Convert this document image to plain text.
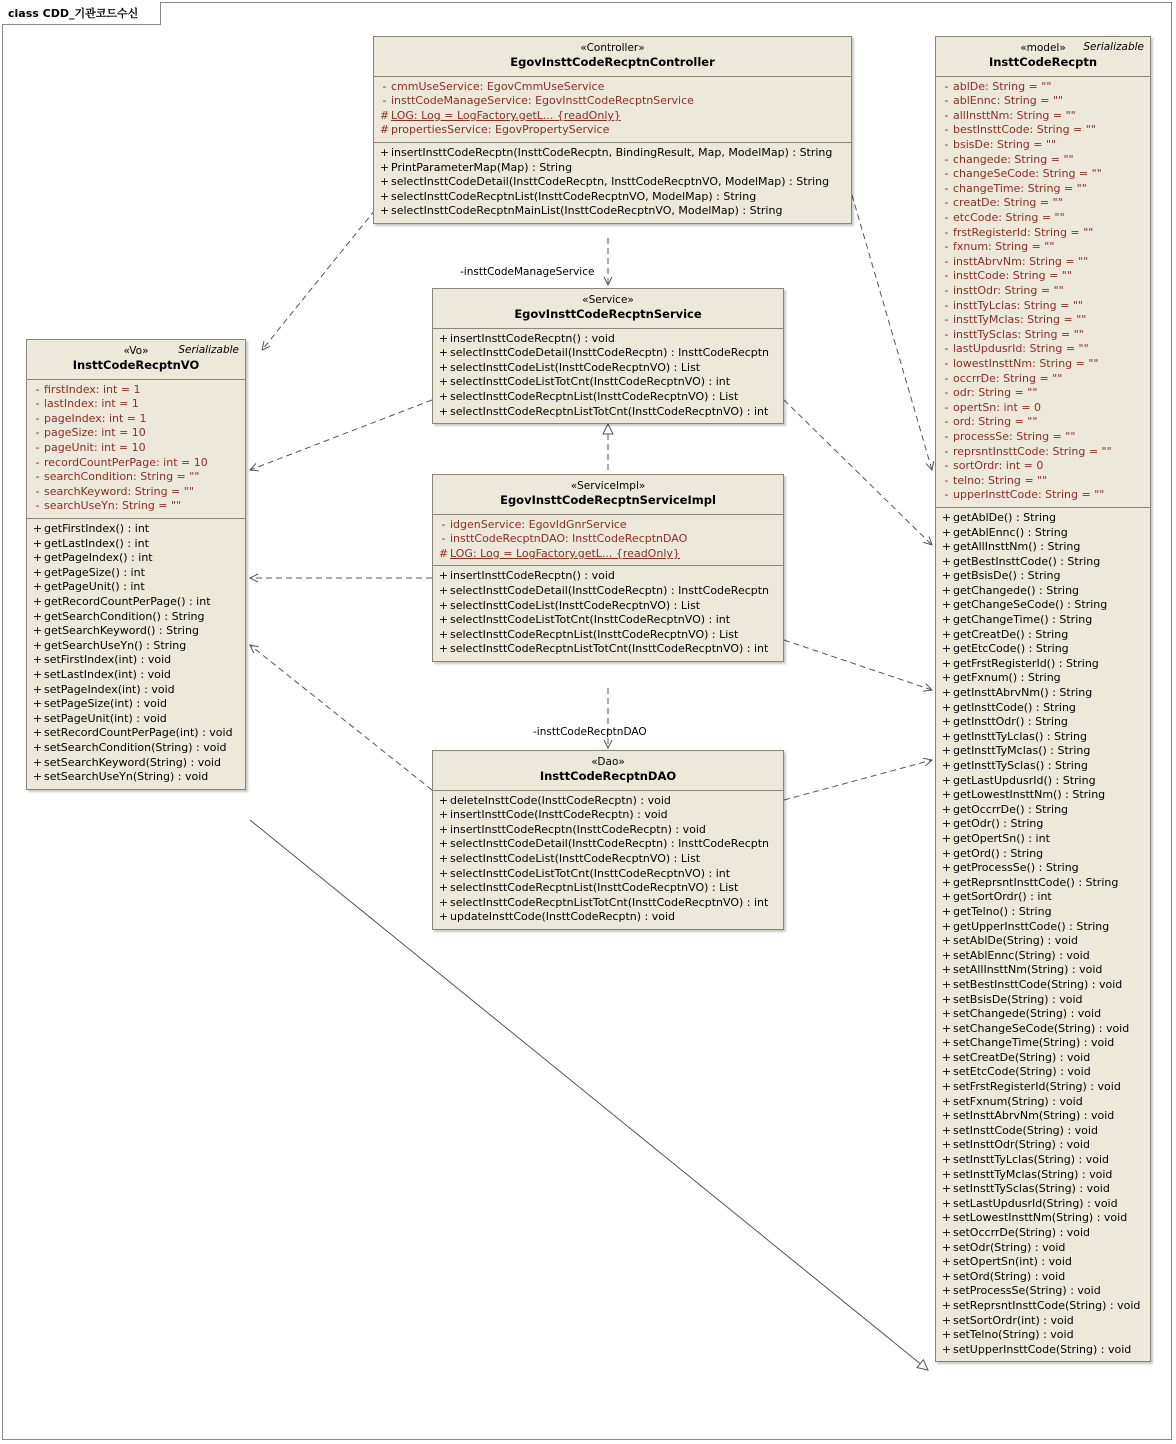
class CDD_기관코드수신
-insttCodeManageService
-insttCodeRecptnDAO
«Controller»
EgovInsttCodeRecptnController
- cmmUseService: EgovCmmUseService
- insttCodeManageService: EgovInsttCodeRecptnService
# LOG: Log = LogFactory.getL... {readOnly}
# propertiesService: EgovPropertyService
+ insertInsttCodeRecptn(InsttCodeRecptn, BindingResult, Map, ModelMap) : String
+ PrintParameterMap(Map) : String
+ selectInsttCodeDetail(InsttCodeRecptn, InsttCodeRecptnVO, ModelMap) : String
+ selectInsttCodeRecptnList(InsttCodeRecptnVO, ModelMap) : String
+ selectInsttCodeRecptnMainList(InsttCodeRecptnVO, ModelMap) : String
«Service»
EgovInsttCodeRecptnService
+ insertInsttCodeRecptn() : void
+ selectInsttCodeDetail(InsttCodeRecptn) : InsttCodeRecptn
+ selectInsttCodeList(InsttCodeRecptnVO) : List
+ selectInsttCodeListTotCnt(InsttCodeRecptnVO) : int
+ selectInsttCodeRecptnList(InsttCodeRecptnVO) : List
+ selectInsttCodeRecptnListTotCnt(InsttCodeRecptnVO) : int
«ServiceImpl»
EgovInsttCodeRecptnServiceImpl
- idgenService: EgovIdGnrService
- insttCodeRecptnDAO: InsttCodeRecptnDAO
# LOG: Log = LogFactory.getL... {readOnly}
+ insertInsttCodeRecptn() : void
+ selectInsttCodeDetail(InsttCodeRecptn) : InsttCodeRecptn
+ selectInsttCodeList(InsttCodeRecptnVO) : List
+ selectInsttCodeListTotCnt(InsttCodeRecptnVO) : int
+ selectInsttCodeRecptnList(InsttCodeRecptnVO) : List
+ selectInsttCodeRecptnListTotCnt(InsttCodeRecptnVO) : int
«Dao»
InsttCodeRecptnDAO
+ deleteInsttCode(InsttCodeRecptn) : void
+ insertInsttCode(InsttCodeRecptn) : void
+ insertInsttCodeRecptn(InsttCodeRecptn) : void
+ selectInsttCodeDetail(InsttCodeRecptn) : InsttCodeRecptn
+ selectInsttCodeList(InsttCodeRecptnVO) : List
+ selectInsttCodeListTotCnt(InsttCodeRecptnVO) : int
+ selectInsttCodeRecptnList(InsttCodeRecptnVO) : List
+ selectInsttCodeRecptnListTotCnt(InsttCodeRecptnVO) : int
+ updateInsttCode(InsttCodeRecptn) : void
Serializable
«Vo»
InsttCodeRecptnVO
- firstIndex: int = 1
- lastIndex: int = 1
- pageIndex: int = 1
- pageSize: int = 10
- pageUnit: int = 10
- recordCountPerPage: int = 10
- searchCondition: String = ""
- searchKeyword: String = ""
- searchUseYn: String = ""
+ getFirstIndex() : int
+ getLastIndex() : int
+ getPageIndex() : int
+ getPageSize() : int
+ getPageUnit() : int
+ getRecordCountPerPage() : int
+ getSearchCondition() : String
+ getSearchKeyword() : String
+ getSearchUseYn() : String
+ setFirstIndex(int) : void
+ setLastIndex(int) : void
+ setPageIndex(int) : void
+ setPageSize(int) : void
+ setPageUnit(int) : void
+ setRecordCountPerPage(int) : void
+ setSearchCondition(String) : void
+ setSearchKeyword(String) : void
+ setSearchUseYn(String) : void
Serializable
«model»
InsttCodeRecptn
- ablDe: String = ""
- ablEnnc: String = ""
- allInsttNm: String = ""
- bestInsttCode: String = ""
- bsisDe: String = ""
- changede: String = ""
- changeSeCode: String = ""
- changeTime: String = ""
- creatDe: String = ""
- etcCode: String = ""
- frstRegisterId: String = ""
- fxnum: String = ""
- insttAbrvNm: String = ""
- insttCode: String = ""
- insttOdr: String = ""
- insttTyLclas: String = ""
- insttTyMclas: String = ""
- insttTySclas: String = ""
- lastUpdusrId: String = ""
- lowestInsttNm: String = ""
- occrrDe: String = ""
- odr: String = ""
- opertSn: int = 0
- ord: String = ""
- processSe: String = ""
- reprsntInsttCode: String = ""
- sortOrdr: int = 0
- telno: String = ""
- upperInsttCode: String = ""
+ getAblDe() : String
+ getAblEnnc() : String
+ getAllInsttNm() : String
+ getBestInsttCode() : String
+ getBsisDe() : String
+ getChangede() : String
+ getChangeSeCode() : String
+ getChangeTime() : String
+ getCreatDe() : String
+ getEtcCode() : String
+ getFrstRegisterId() : String
+ getFxnum() : String
+ getInsttAbrvNm() : String
+ getInsttCode() : String
+ getInsttOdr() : String
+ getInsttTyLclas() : String
+ getInsttTyMclas() : String
+ getInsttTySclas() : String
+ getLastUpdusrId() : String
+ getLowestInsttNm() : String
+ getOccrrDe() : String
+ getOdr() : String
+ getOpertSn() : int
+ getOrd() : String
+ getProcessSe() : String
+ getReprsntInsttCode() : String
+ getSortOrdr() : int
+ getTelno() : String
+ getUpperInsttCode() : String
+ setAblDe(String) : void
+ setAblEnnc(String) : void
+ setAllInsttNm(String) : void
+ setBestInsttCode(String) : void
+ setBsisDe(String) : void
+ setChangede(String) : void
+ setChangeSeCode(String) : void
+ setChangeTime(String) : void
+ setCreatDe(String) : void
+ setEtcCode(String) : void
+ setFrstRegisterId(String) : void
+ setFxnum(String) : void
+ setInsttAbrvNm(String) : void
+ setInsttCode(String) : void
+ setInsttOdr(String) : void
+ setInsttTyLclas(String) : void
+ setInsttTyMclas(String) : void
+ setInsttTySclas(String) : void
+ setLastUpdusrId(String) : void
+ setLowestInsttNm(String) : void
+ setOccrrDe(String) : void
+ setOdr(String) : void
+ setOpertSn(int) : void
+ setOrd(String) : void
+ setProcessSe(String) : void
+ setReprsntInsttCode(String) : void
+ setSortOrdr(int) : void
+ setTelno(String) : void
+ setUpperInsttCode(String) : void
